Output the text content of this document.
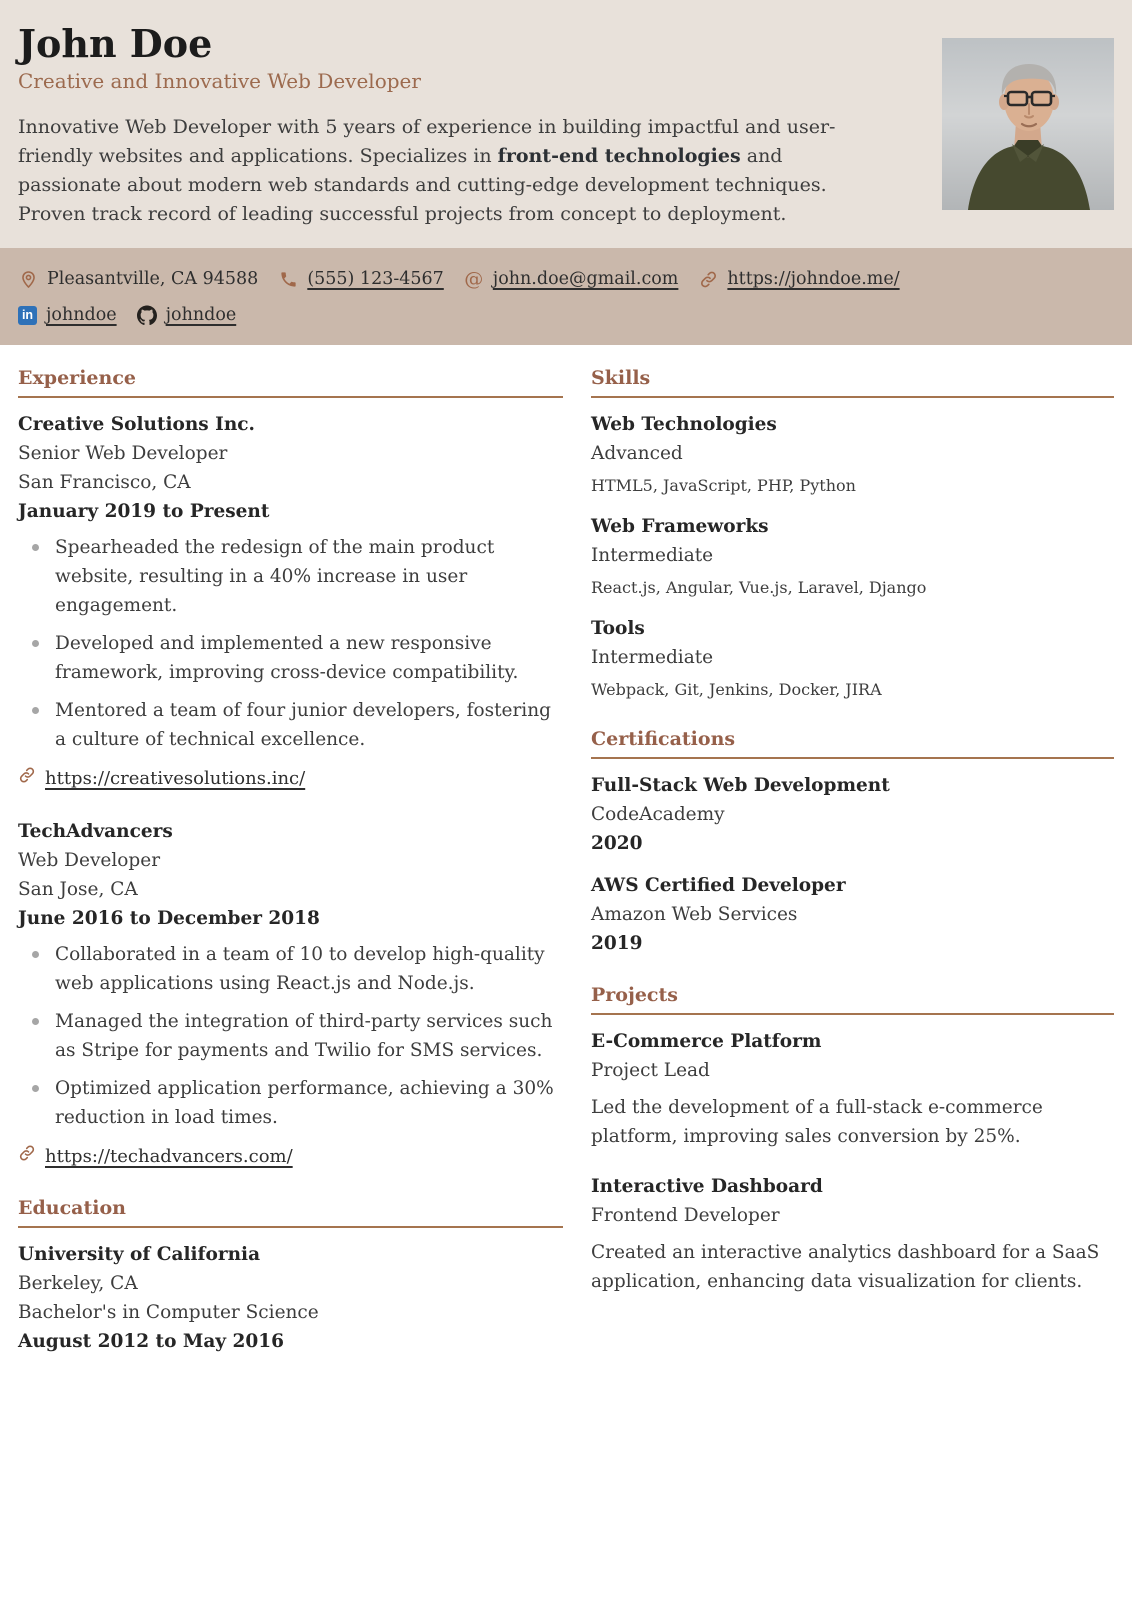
John Doe
Creative and Innovative Web Developer

Innovative Web Developer with 5 years of experience in building impactful and user-friendly websites and applications. Specializes in front-end technologies and passionate about modern web standards and cutting-edge development techniques. Proven track record of leading successful projects from concept to deployment.

Pleasantville, CA 94588	(555) 123-4567 @ john.doe@gmail.com	https://johndoe.me/
in johndoe	johndoe
Experience
Creative Solutions Inc.
Senior Web Developer
San Francisco, CA
January 2019 to Present
Spearheaded the redesign of the main product website, resulting in a 40% increase in user engagement.
Developed and implemented a new responsive framework, improving cross-device compatibility.
Mentored a team of four junior developers, fostering a culture of technical excellence.
https://creativesolutions.inc/
TechAdvancers
Web Developer
San Jose, CA
June 2016 to December 2018
Collaborated in a team of 10 to develop high-quality web applications using React.js and Node.js.
Managed the integration of third-party services such as Stripe for payments and Twilio for SMS services.
Optimized application performance, achieving a 30% reduction in load times.
https://techadvancers.com/
Education
University of California
Berkeley, CA
Bachelor's in Computer Science
August 2012 to May 2016
Skills
Web Technologies
Advanced
HTML5, JavaScript, PHP, Python
Web Frameworks
Intermediate
React.js, Angular, Vue.js, Laravel, Django
Tools
Intermediate
Webpack, Git, Jenkins, Docker, JIRA
Certifications
Full-Stack Web Development
CodeAcademy
2020
AWS Certified Developer
Amazon Web Services
2019
Projects
E-Commerce Platform
Project Lead
Led the development of a full-stack e-commerce platform, improving sales conversion by 25%.
Interactive Dashboard
Frontend Developer
Created an interactive analytics dashboard for a SaaS application, enhancing data visualization for clients.
